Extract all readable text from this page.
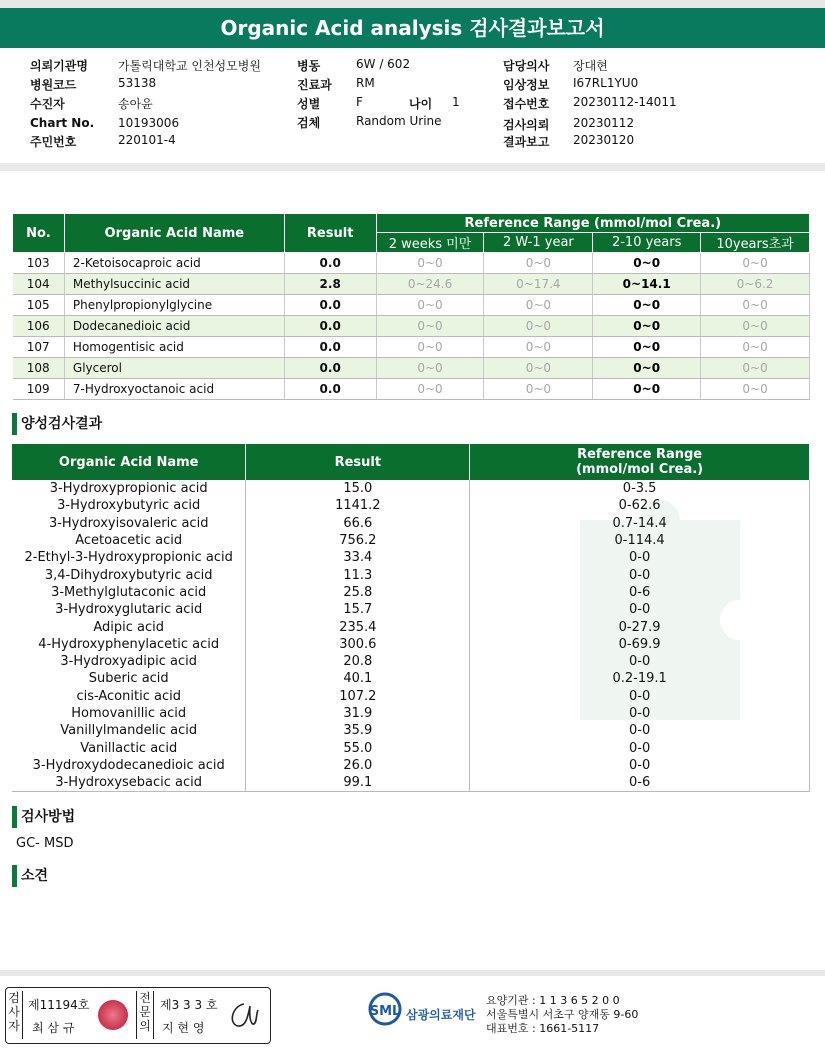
Organic Acid analysis 검사결과보고서
의뢰기관명	가톨릭대학교 인천성모병원
병원코드	53138
수진자	송아윤
Chart No. 10193006
주민번호	220101-4
병동	6W / 602
진료과 RM
성별	F	나이 1
검체	Random Urine
담당의사 장대현
임상정보 I67RL1YU0
접수번호 20230112-14011
검사의뢰 20230112
결과보고 20230120
No.	Organic Acid Name	Result	Reference Range (mmol/mol Crea.)			
			2 weeks 미만	2 W-1 year	2-10 years	10years초과
103	2-Ketoisocaproic acid	0.0	0~0	0~0	0~0	0~0
104	Methylsuccinic acid	2.8	0~24.6	0~17.4	0~14.1	0~6.2
105	Phenylpropionylglycine	0.0	0~0	0~0	0~0	0~0
106	Dodecanedioic acid	0.0	0~0	0~0	0~0	0~0
107	Homogentisic acid	0.0	0~0	0~0	0~0	0~0
108	Glycerol	0.0	0~0	0~0	0~0	0~0
109	7-Hydroxyoctanoic acid	0.0	0~0	0~0	0~0	0~0
양성검사결과
Organic Acid Name	Result	Reference Range
(mmol/mol Crea.)
3-Hydroxypropionic acid	15.0	0-3.5
3-Hydroxybutyric acid	1141.2	0-62.6
3-Hydroxyisovaleric acid	66.6	0.7-14.4
Acetoacetic acid	756.2	0-114.4
2-Ethyl-3-Hydroxypropionic acid	33.4	0-0
3,4-Dihydroxybutyric acid	11.3	0-0
3-Methylglutaconic acid	25.8	0-6
3-Hydroxyglutaric acid	15.7	0-0
Adipic acid	235.4	0-27.9
4-Hydroxyphenylacetic acid	300.6	0-69.9
3-Hydroxyadipic acid	20.8	0-0
Suberic acid	40.1	0.2-19.1
cis-Aconitic acid	107.2	0-0
Homovanillic acid	31.9	0-0
Vanillylmandelic acid	35.9	0-0
Vanillactic acid	55.0	0-0
3-Hydroxydodecanedioic acid	26.0	0-0
3-Hydroxysebacic acid	99.1	0-6
검사방법
GC- MSD
소견
검
사
자
제11194호
최 삼 규
전
문
의
제3 3 3 호
지 현 영
SML 삼광의료재단
요양기관 : 1 1 3 6 5 2 0 0
서울특별시 서초구 양재동 9-60
대표번호 : 1661-5117
